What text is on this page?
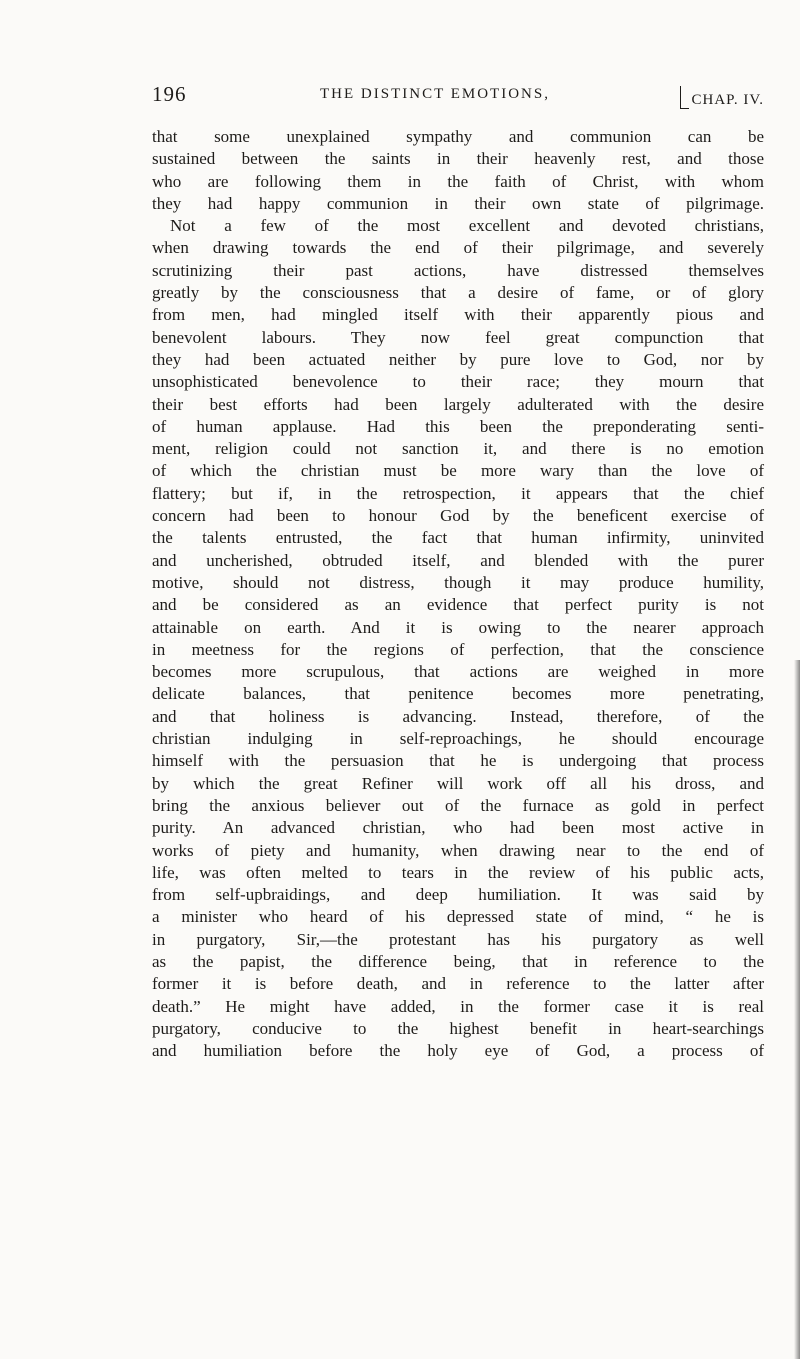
196	THE DISTINCT EMOTIONS,	CHAP. IV.
that some unexplained sympathy and communion can be
sustained between the saints in their heavenly rest, and those
who are following them in the faith of Christ, with whom
they had happy communion in their own state of pilgrimage.
Not a few of the most excellent and devoted christians,
when drawing towards the end of their pilgrimage, and severely
scrutinizing their past actions, have distressed themselves
greatly by the consciousness that a desire of fame, or of glory
from men, had mingled itself with their apparently pious and
benevolent labours. They now feel great compunction that
they had been actuated neither by pure love to God, nor by
unsophisticated benevolence to their race; they mourn that
their best efforts had been largely adulterated with the desire
of human applause. Had this been the preponderating senti-
ment, religion could not sanction it, and there is no emotion
of which the christian must be more wary than the love of
flattery; but if, in the retrospection, it appears that the chief
concern had been to honour God by the beneficent exercise of
the talents entrusted, the fact that human infirmity, uninvited
and uncherished, obtruded itself, and blended with the purer
motive, should not distress, though it may produce humility,
and be considered as an evidence that perfect purity is not
attainable on earth. And it is owing to the nearer approach
in meetness for the regions of perfection, that the conscience
becomes more scrupulous, that actions are weighed in more
delicate balances, that penitence becomes more penetrating,
and that holiness is advancing. Instead, therefore, of the
christian indulging in self-reproachings, he should encourage
himself with the persuasion that he is undergoing that process
by which the great Refiner will work off all his dross, and
bring the anxious believer out of the furnace as gold in perfect
purity. An advanced christian, who had been most active in
works of piety and humanity, when drawing near to the end of
life, was often melted to tears in the review of his public acts,
from self-upbraidings, and deep humiliation. It was said by
a minister who heard of his depressed state of mind, “ he is
in purgatory, Sir,—the protestant has his purgatory as well
as the papist, the difference being, that in reference to the
former it is before death, and in reference to the latter after
death.” He might have added, in the former case it is real
purgatory, conducive to the highest benefit in heart-searchings
and humiliation before the holy eye of God, a process of
